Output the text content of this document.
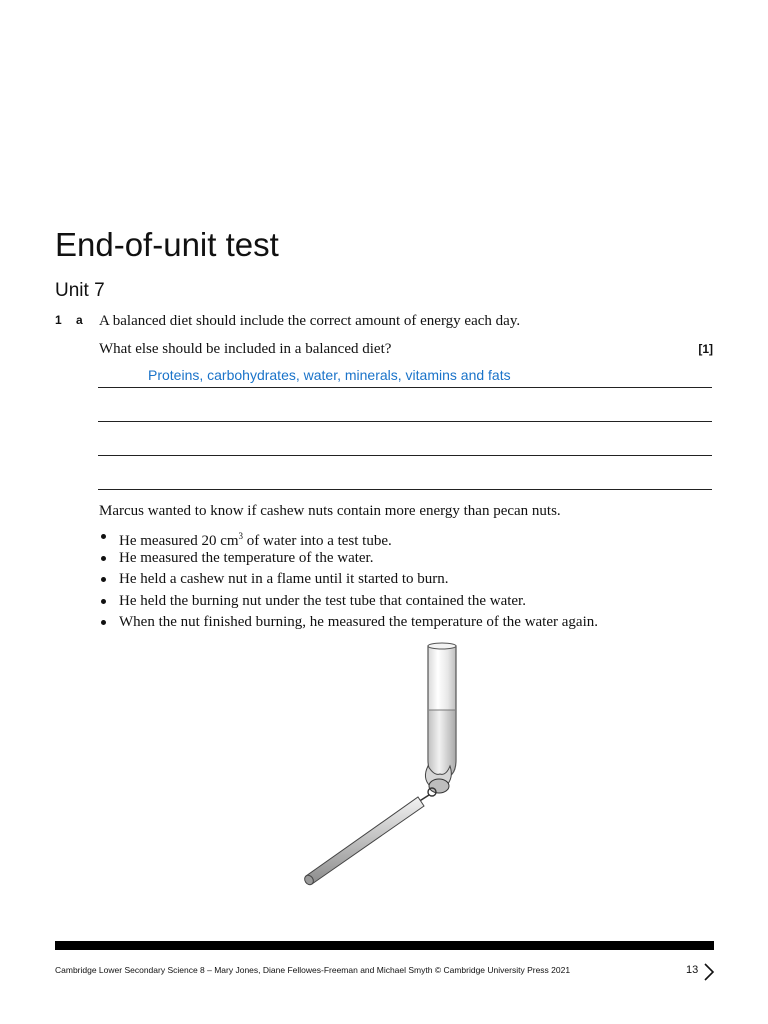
End-of-unit test
Unit 7
1 a A balanced diet should include the correct amount of energy each day.
What else should be included in a balanced diet?	[1]
Proteins, carbohydrates, water, minerals, vitamins and fats
Marcus wanted to know if cashew nuts contain more energy than pecan nuts.
He measured 20 $cm^3$ of water into a test tube.
He measured the temperature of the water.
He held a cashew nut in a flame until it started to burn.
He held the burning nut under the test tube that contained the water.
When the nut finished burning, he measured the temperature of the water again.
Cambridge Lower Secondary Science 8 – Mary Jones, Diane Fellowes-Freeman and Michael Smyth © Cambridge University Press 2021	13
